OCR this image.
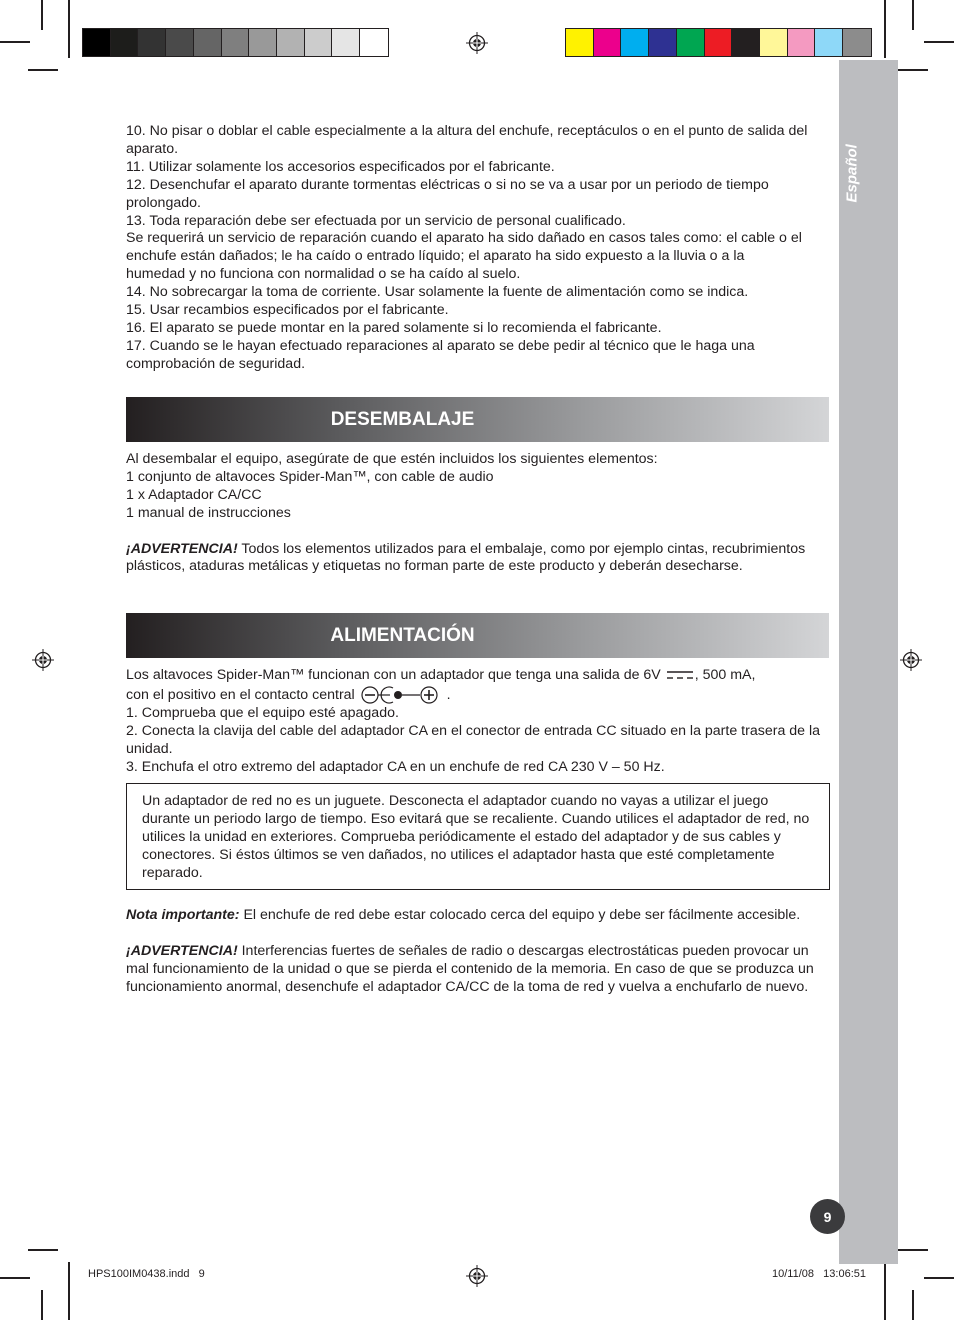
Español
9

10. No pisar o doblar el cable especialmente a la altura del enchufe, receptáculos o en el punto de salida del aparato.

11. Utilizar solamente los accesorios especificados por el fabricante.

12. Desenchufar el aparato durante tormentas eléctricas o si no se va a usar por un periodo de tiempo prolongado.

13. Toda reparación debe ser efectuada por un servicio de personal cualificado.

Se requerirá un servicio de reparación cuando el aparato ha sido dañado en casos tales como: el cable o el enchufe están dañados; le ha caído o entrado líquido; el aparato ha sido expuesto a la lluvia o a la humedad y no funciona con normalidad o se ha caído al suelo.

14. No sobrecargar la toma de corriente. Usar solamente la fuente de alimentación como se indica.

15. Usar recambios especificados por el fabricante.

16. El aparato se puede montar en la pared solamente si lo recomienda el fabricante.

17. Cuando se le hayan efectuado reparaciones al aparato se debe pedir al técnico que le haga una comprobación de seguridad.

DESEMBALAJE

Al desembalar el equipo, asegúrate de que estén incluidos los siguientes elementos:

1 conjunto de altavoces Spider-Man™, con cable de audio

1 x Adaptador CA/CC

1 manual de instrucciones

¡ADVERTENCIA! Todos los elementos utilizados para el embalaje, como por ejemplo cintas, recubrimientos plásticos, ataduras metálicas y etiquetas no forman parte de este producto y deberán desecharse.

ALIMENTACIÓN

Los altavoces Spider-Man™ funcionan con un adaptador que tenga una salida de 6V , 500 mA,

con el positivo en el contacto central	.

1. Comprueba que el equipo esté apagado.

2. Conecta la clavija del cable del adaptador CA en el conector de entrada CC situado en la parte trasera de la unidad.

3. Enchufa el otro extremo del adaptador CA en un enchufe de red CA 230 V – 50 Hz.

Un adaptador de red no es un juguete. Desconecta el adaptador cuando no vayas a utilizar el juego durante un periodo largo de tiempo. Eso evitará que se recaliente. Cuando utilices el adaptador de red, no utilices la unidad en exteriores. Comprueba periódicamente el estado del adaptador y de sus cables y conectores. Si éstos últimos se ven dañados, no utilices el adaptador hasta que esté completamente reparado.

Nota importante: El enchufe de red debe estar colocado cerca del equipo y debe ser fácilmente accesible.

¡ADVERTENCIA! Interferencias fuertes de señales de radio o descargas electrostáticas pueden provocar un mal funcionamiento de la unidad o que se pierda el contenido de la memoria. En caso de que se produzca un funcionamiento anormal, desenchufe el adaptador CA/CC de la toma de red y vuelva a enchufarlo de nuevo.

HPS100IM0438.indd   9	10/11/08   13:06:51
